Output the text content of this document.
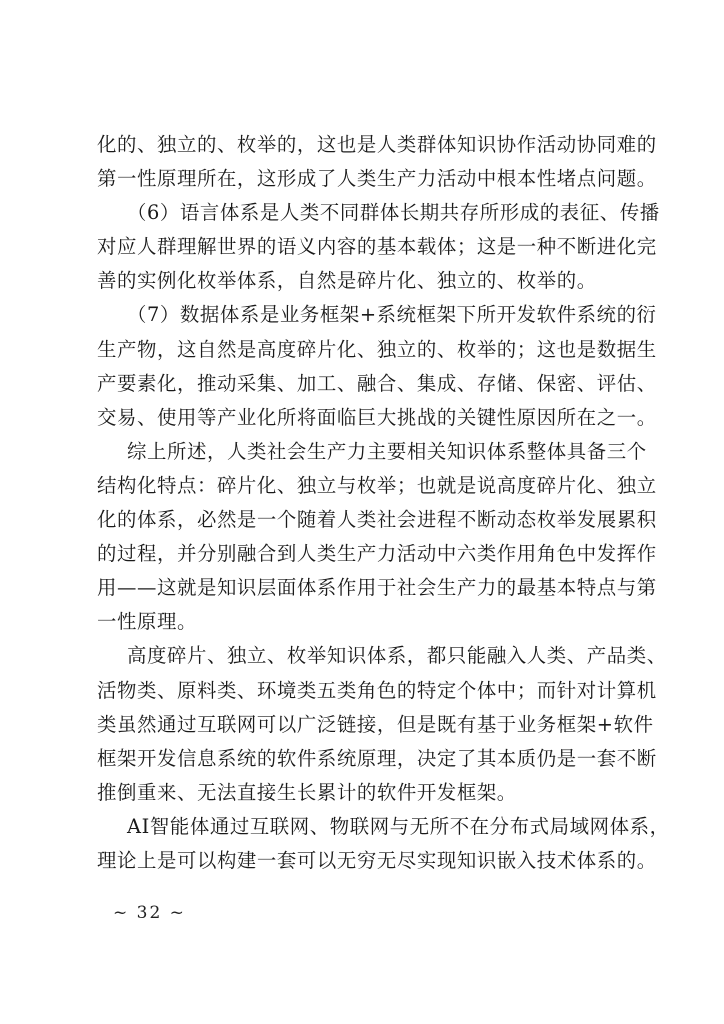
化的、独立的、枚举的，这也是人类群体知识协作活动协同难的
第一性原理所在，这形成了人类生产力活动中根本性堵点问题。
（6）语言体系是人类不同群体长期共存所形成的表征、传播
对应人群理解世界的语义内容的基本载体；这是一种不断进化完
善的实例化枚举体系，自然是碎片化、独立的、枚举的。
（7）数据体系是业务框架+系统框架下所开发软件系统的衍
生产物，这自然是高度碎片化、独立的、枚举的；这也是数据生
产要素化，推动采集、加工、融合、集成、存储、保密、评估、
交易、使用等产业化所将面临巨大挑战的关键性原因所在之一。
综上所述，人类社会生产力主要相关知识体系整体具备三个
结构化特点：碎片化、独立与枚举；也就是说高度碎片化、独立
化的体系，必然是一个随着人类社会进程不断动态枚举发展累积
的过程，并分别融合到人类生产力活动中六类作用角色中发挥作
用——这就是知识层面体系作用于社会生产力的最基本特点与第
一性原理。
高度碎片、独立、枚举知识体系，都只能融入人类、产品类、
活物类、原料类、环境类五类角色的特定个体中；而针对计算机
类虽然通过互联网可以广泛链接，但是既有基于业务框架+软件
框架开发信息系统的软件系统原理，决定了其本质仍是一套不断
推倒重来、无法直接生长累计的软件开发框架。
AI智能体通过互联网、物联网与无所不在分布式局域网体系，
理论上是可以构建一套可以无穷无尽实现知识嵌入技术体系的。
~ 32 ~
